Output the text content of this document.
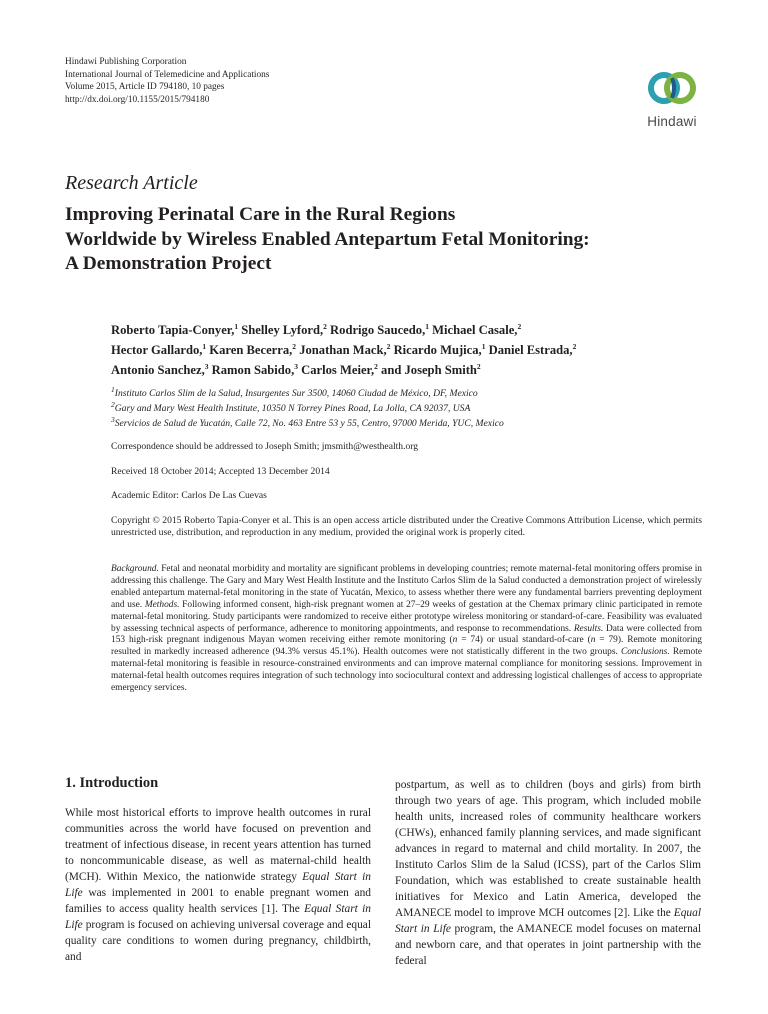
Hindawi Publishing Corporation
International Journal of Telemedicine and Applications
Volume 2015, Article ID 794180, 10 pages
http://dx.doi.org/10.1155/2015/794180
Hindawi
Research Article
Improving Perinatal Care in the Rural Regions
Worldwide by Wireless Enabled Antepartum Fetal Monitoring:
A Demonstration Project
Roberto Tapia-Conyer,$^1$ Shelley Lyford,$^2$ Rodrigo Saucedo,$^1$ Michael Casale,$^2$
Hector Gallardo,$^1$ Karen Becerra,$^2$ Jonathan Mack,$^2$ Ricardo Mujica,$^1$ Daniel Estrada,$^2$
Antonio Sanchez,$^3$ Ramon Sabido,$^3$ Carlos Meier,$^2$ and Joseph Smith$^2$
$^1$Instituto Carlos Slim de la Salud, Insurgentes Sur 3500, 14060 Ciudad de México, DF, Mexico
$^2$Gary and Mary West Health Institute, 10350 N Torrey Pines Road, La Jolla, CA 92037, USA
$^3$Servicios de Salud de Yucatán, Calle 72, No. 463 Entre 53 y 55, Centro, 97000 Merida, YUC, Mexico
Correspondence should be addressed to Joseph Smith; jmsmith@westhealth.org
Received 18 October 2014; Accepted 13 December 2014
Academic Editor: Carlos De Las Cuevas
Copyright © 2015 Roberto Tapia-Conyer et al. This is an open access article distributed under the Creative Commons Attribution License, which permits unrestricted use, distribution, and reproduction in any medium, provided the original work is properly cited.
Background. Fetal and neonatal morbidity and mortality are significant problems in developing countries; remote maternal-fetal monitoring offers promise in addressing this challenge. The Gary and Mary West Health Institute and the Instituto Carlos Slim de la Salud conducted a demonstration project of wirelessly enabled antepartum maternal-fetal monitoring in the state of Yucatán, Mexico, to assess whether there were any fundamental barriers preventing deployment and use. Methods. Following informed consent, high-risk pregnant women at 27–29 weeks of gestation at the Chemax primary clinic participated in remote maternal-fetal monitoring. Study participants were randomized to receive either prototype wireless monitoring or standard-of-care. Feasibility was evaluated by assessing technical aspects of performance, adherence to monitoring appointments, and response to recommendations. Results. Data were collected from 153 high-risk pregnant indigenous Mayan women receiving either remote monitoring (n = 74) or usual standard-of-care (n = 79). Remote monitoring resulted in markedly increased adherence (94.3% versus 45.1%). Health outcomes were not statistically different in the two groups. Conclusions. Remote maternal-fetal monitoring is feasible in resource-constrained environments and can improve maternal compliance for monitoring sessions. Improvement in maternal-fetal health outcomes requires integration of such technology into sociocultural context and addressing logistical challenges of access to appropriate emergency services.
1. Introduction
While most historical efforts to improve health outcomes in rural communities across the world have focused on prevention and treatment of infectious disease, in recent years attention has turned to noncommunicable disease, as well as maternal-child health (MCH). Within Mexico, the nationwide strategy Equal Start in Life was implemented in 2001 to enable pregnant women and families to access quality health services [1]. The Equal Start in Life program is focused on achieving universal coverage and equal quality care conditions to women during pregnancy, childbirth, and
postpartum, as well as to children (boys and girls) from birth through two years of age. This program, which included mobile health units, increased roles of community healthcare workers (CHWs), enhanced family planning services, and made significant advances in regard to maternal and child mortality. In 2007, the Instituto Carlos Slim de la Salud (ICSS), part of the Carlos Slim Foundation, which was established to create sustainable health initiatives for Mexico and Latin America, developed the AMANECE model to improve MCH outcomes [2]. Like the Equal Start in Life program, the AMANECE model focuses on maternal and newborn care, and that operates in joint partnership with the federal
